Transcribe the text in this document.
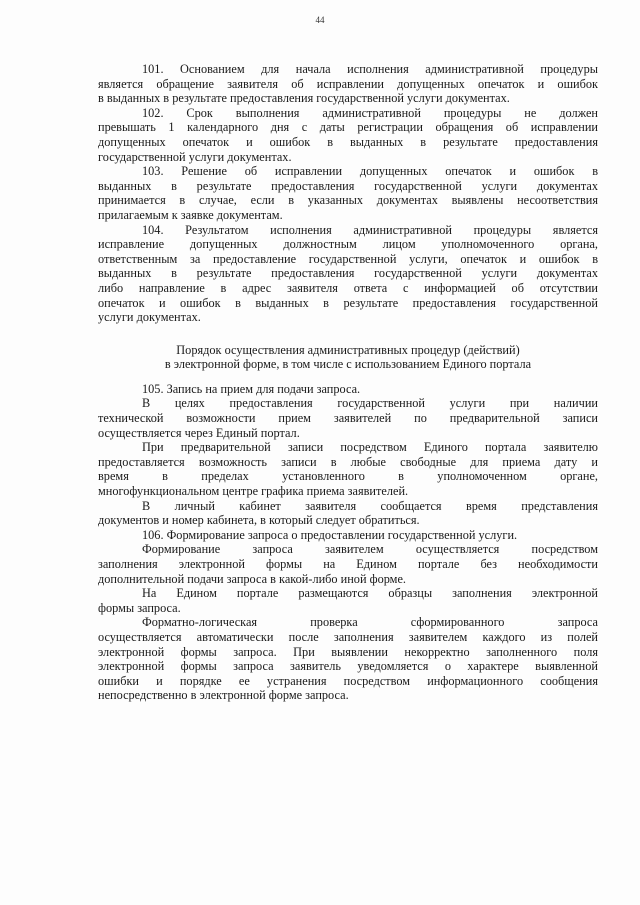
44
101. Основанием для начала исполнения административной процедуры
является обращение заявителя об исправлении допущенных опечаток и ошибок
в выданных в результате предоставления государственной услуги документах.
102. Срок выполнения административной процедуры не должен
превышать 1 календарного дня с даты регистрации обращения об исправлении
допущенных опечаток и ошибок в выданных в результате предоставления
государственной услуги документах.
103. Решение об исправлении допущенных опечаток и ошибок в
выданных в результате предоставления государственной услуги документах
принимается в случае, если в указанных документах выявлены несоответствия
прилагаемым к заявке документам.
104. Результатом исполнения административной процедуры является
исправление допущенных должностным лицом уполномоченного органа,
ответственным за предоставление государственной услуги, опечаток и ошибок в
выданных в результате предоставления государственной услуги документах
либо направление в адрес заявителя ответа с информацией об отсутствии
опечаток и ошибок в выданных в результате предоставления государственной
услуги документах.
Порядок осуществления административных процедур (действий)
в электронной форме, в том числе с использованием Единого портала
105. Запись на прием для подачи запроса.
В целях предоставления государственной услуги при наличии
технической возможности прием заявителей по предварительной записи
осуществляется через Единый портал.
При предварительной записи посредством Единого портала заявителю
предоставляется возможность записи в любые свободные для приема дату и
время в пределах установленного в уполномоченном органе,
многофункциональном центре графика приема заявителей.
В личный кабинет заявителя сообщается время представления
документов и номер кабинета, в который следует обратиться.
106. Формирование запроса о предоставлении государственной услуги.
Формирование запроса заявителем осуществляется посредством
заполнения электронной формы на Едином портале без необходимости
дополнительной подачи запроса в какой-либо иной форме.
На Едином портале размещаются образцы заполнения электронной
формы запроса.
Форматно-логическая проверка сформированного запроса
осуществляется автоматически после заполнения заявителем каждого из полей
электронной формы запроса. При выявлении некорректно заполненного поля
электронной формы запроса заявитель уведомляется о характере выявленной
ошибки и порядке ее устранения посредством информационного сообщения
непосредственно в электронной форме запроса.
